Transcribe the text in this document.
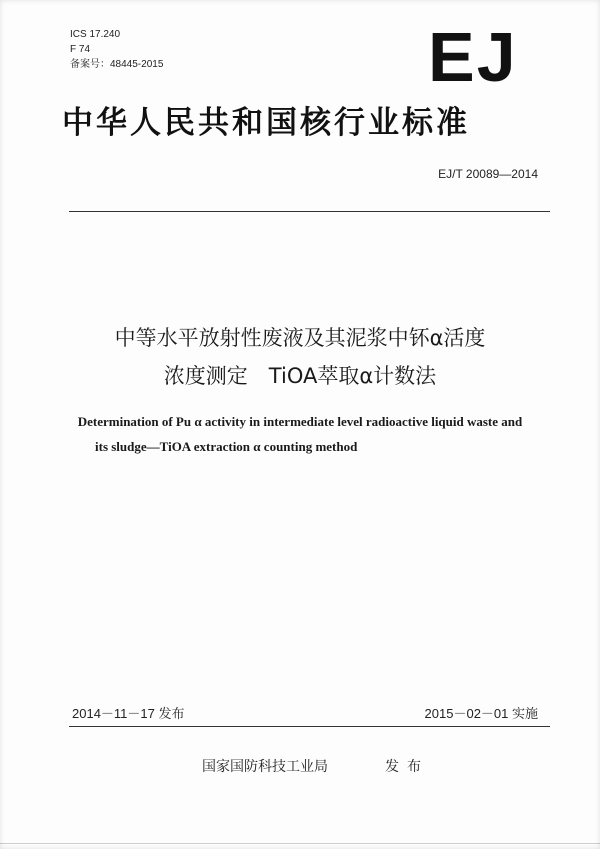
ICS 17.240
F 74
备案号：48445-2015	EJ
中华人民共和国核行业标准
EJ/T 20089—2014
中等水平放射性废液及其泥浆中钚α活度
浓度测定　TiOA萃取α计数法
Determination of Pu α activity in intermediate level radioactive liquid waste and
its sludge—TiOA extraction α counting method
2014－11－17 发布	2015－02－01 实施
国家国防科技工业局	发布
